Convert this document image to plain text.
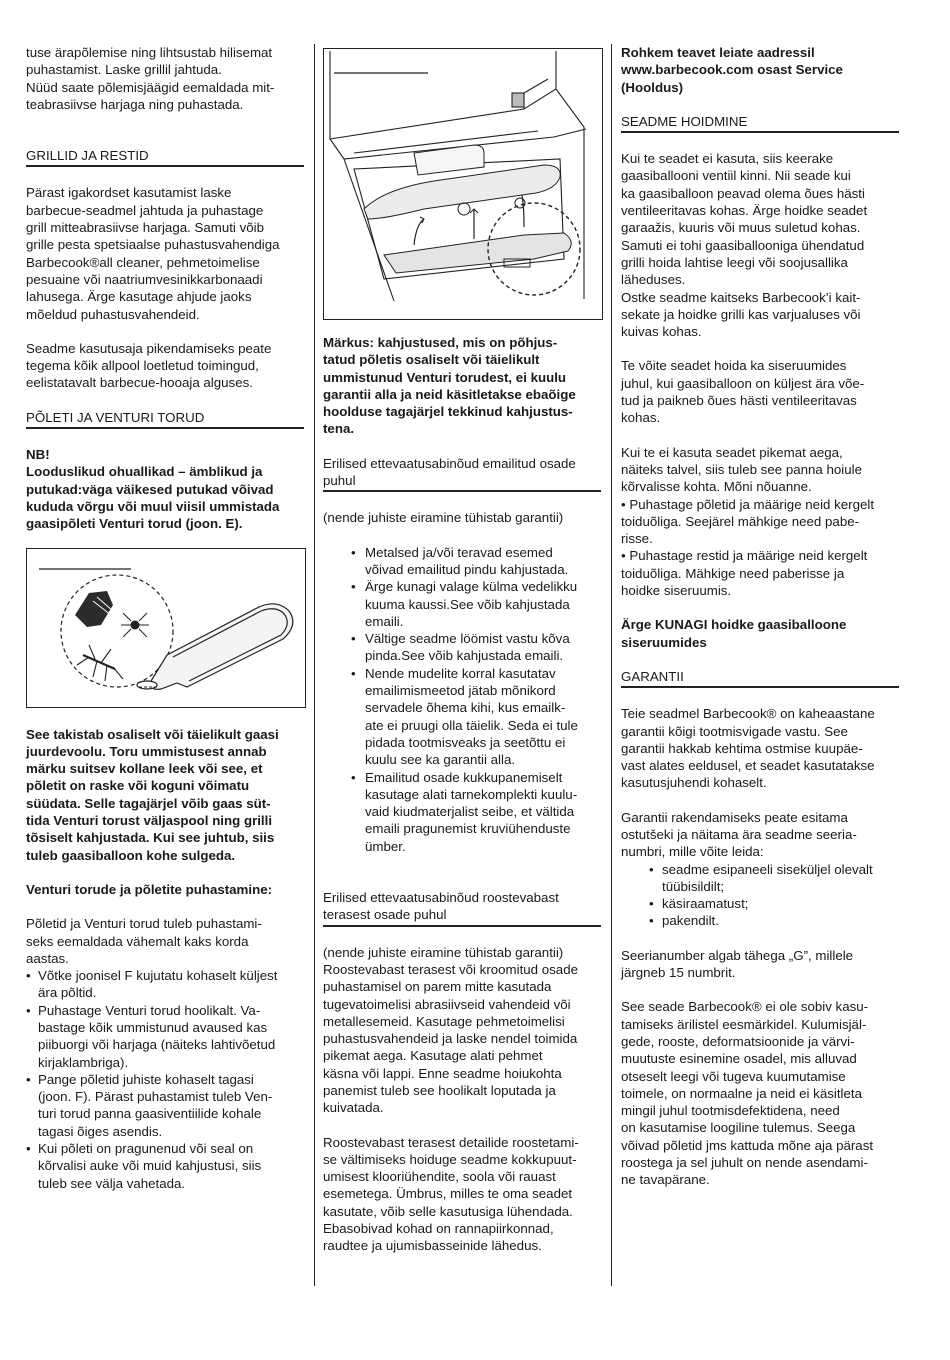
tuse ärapõlemise ning lihtsustab hilisemat
puhastamist. Laske grillil jahtuda.
Nüüd saate põlemisjäägid eemaldada mit-
teabrasiivse harjaga ning puhastada.

GRILLID JA RESTID

Pärast igakordset kasutamist laske
barbecue-seadmel jahtuda ja puhastage
grill mitteabrasiivse harjaga. Samuti võib
grille pesta spetsiaalse puhastusvahendiga
Barbecook®all cleaner, pehmetoimelise
pesuaine või naatriumvesinikkarbonaadi
lahusega. Ärge kasutage ahjude jaoks
mõeldud puhastusvahendeid.

Seadme kasutusaja pikendamiseks peate
tegema kõik allpool loetletud toimingud,
eelistatavalt barbecue-hooaja alguses.

PÕLETI JA VENTURI TORUD

NB!

Looduslikud ohuallikad – ämblikud ja
putukad:väga väikesed putukad võivad
kududa võrgu või muul viisil ummistada
gaasipõleti Venturi torud (joon. E).

See takistab osaliselt või täielikult gaasi
juurdevoolu. Toru ummistusest annab
märku suitsev kollane leek või see, et
põletit on raske või koguni võimatu
süüdata. Selle tagajärjel võib gaas süt-
tida Venturi torust väljaspool ning grilli
tõsiselt kahjustada. Kui see juhtub, siis
tuleb gaasiballoon kohe sulgeda.

Venturi torude ja põletite puhastamine:

Põletid ja Venturi torud tuleb puhastami-
seks eemaldada vähemalt kaks korda
aastas.

• Võtke joonisel F kujutatu kohaselt küljest
ärа põltid.
• Puhastage Venturi torud hoolikalt. Va-
bastage kõik ummistunud avaused kas
piibuorgi või harjaga (näiteks lahtivõetud
kirjaklambriga).
• Pange põletid juhiste kohaselt tagasi
(joon. F). Pärast puhastamist tuleb Ven-
turi torud panna gaasiventiilide kohale
tagasi õiges asendis.
• Kui põleti on pragunenud või seal on
kõrvalisi auke või muid kahjustusi, siis
tuleb see välja vahetada.

Märkus: kahjustused, mis on põhjus-
tatud põletis osaliselt või täielikult
ummistunud Venturi torudest, ei kuulu
garantii alla ja neid käsitletakse ebaõige
hoolduse tagajärjel tekkinud kahjustus-
tena.

Erilised ettevaatusabinõud emailitud osade
puhul

(nende juhiste eiramine tühistab garantii)

• Metalsed ja/või teravad esemed
võivad emailitud pindu kahjustada.
• Ärge kunagi valage külma vedelikku
kuuma kaussi.See võib kahjustada
emaili.
• Vältige seadme löömist vastu kõva
pinda.See võib kahjustada emaili.
• Nende mudelite korral kasutatav
emailimismeetod jätab mõnikord
servadele õhema kihi, kus emailk-
ate ei pruugi olla täielik. Seda ei tule
pidada tootmisveaks ja seetõttu ei
kuulu see ka garantii alla.
• Emailitud osade kukkupanemiselt
kasutage alati tarnekomplekti kuulu-
vaid kiudmaterjalist seibe, et vältida
emaili pragunemist kruviühenduste
ümber.
Erilised ettevaatusabinõud roostevabast
terasest osade puhul

(nende juhiste eiramine tühistab garantii)
Roostevabast terasest või kroomitud osade
puhastamisel on parem mitte kasutada
tugevatoimelisi abrasiivseid vahendeid või
metallesemeid. Kasutage pehmetoimelisi
puhastusvahendeid ja laske nendel toimida
pikemat aega. Kasutage alati pehmet
käsna või lappi. Enne seadme hoiukohta
panemist tuleb see hoolikalt loputada ja
kuivatada.

Roostevabast terasest detailide roostetami-
se vältimiseks hoiduge seadme kokkupuut-
umisest klooriühendite, soola või rauast
esemetega. Ümbrus, milles te oma seadet
kasutate, võib selle kasutusiga lühendada.
Ebasobivad kohad on rannapiirkonnad,
raudtee ja ujumisbasseinide lähedus.

Rohkem teavet leiate aadressil
www.barbecook.com osast Service
(Hooldus)

SEADME HOIDMINE

Kui te seadet ei kasuta, siis keerake
gaasiballooni ventiil kinni. Nii seade kui
ka gaasiballoon peavad olema õues hästi
ventileeritavas kohas. Ärge hoidke seadet
garaažis, kuuris või muus suletud kohas.
Samuti ei tohi gaasiballooniga ühendatud
grilli hoida lahtise leegi või soojusallika
läheduses.
Ostke seadme kaitseks Barbecook’i kait-
sekate ja hoidke grilli kas varjualuses või
kuivas kohas.

Te võite seadet hoida ka siseruumides
juhul, kui gaasiballoon on küljest ära võe-
tud ja paikneb õues hästi ventileeritavas
kohas.

Kui te ei kasuta seadet pikemat aega,
näiteks talvel, siis tuleb see panna hoiule
kõrvalisse kohta. Mõni nõuanne.
• Puhastage põletid ja määrige neid kergelt
toiduõliga. Seejärel mähkige need pabe-
risse.
• Puhastage restid ja määrige neid kergelt
toiduõliga. Mähkige need paberisse ja
hoidke siseruumis.

Ärge KUNAGI hoidke gaasiballoone
siseruumides

GARANTII

Teie seadmel Barbecook® on kaheaastane
garantii kõigi tootmisvigade vastu. See
garantii hakkab kehtima ostmise kuupäe-
vast alates eeldusel, et seadet kasutatakse
kasutusjuhendi kohaselt.

Garantii rakendamiseks peate esitama
ostutšeki ja näitama ära seadme seeria-
numbri, mille võite leida:

• seadme esipaneeli siseküljel olevalt
tüübisildilt;
• käsiraamatust;
• pakendilt.

Seerianumber algab tähega „G”, millele
järgneb 15 numbrit.

See seade Barbecook® ei ole sobiv kasu-
tamiseks ärilistel eesmärkidel. Kulumisjäl-
gede, rooste, deformatsioonide ja värvi-
muutuste esinemine osadel, mis alluvad
otseselt leegi või tugeva kuumutamise
toimele, on normaalne ja neid ei käsitleta
mingil juhul tootmisdefektidena, need
on kasutamise loogiline tulemus. Seega
võivad põletid jms kattuda mõne aja pärast
roostega ja sel juhult on nende asendami-
ne tavapärane.
